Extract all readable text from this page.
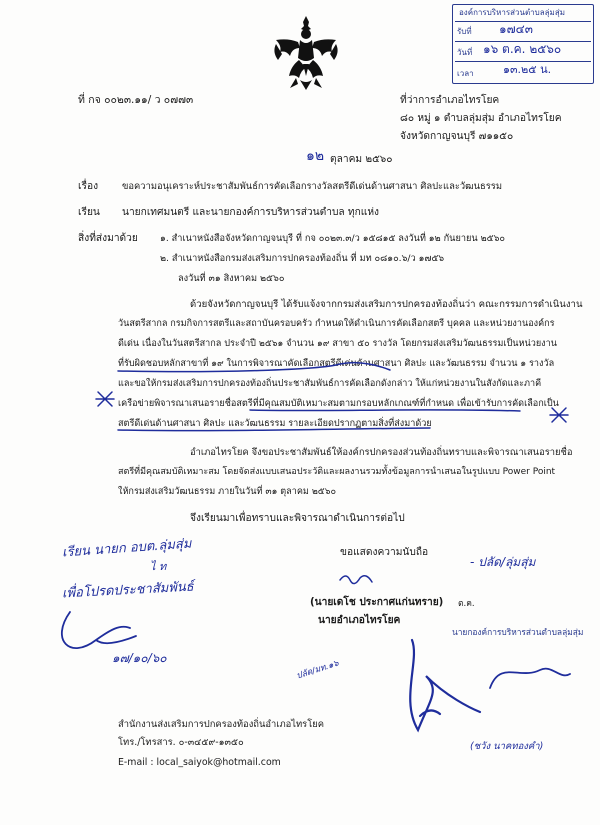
องค์การบริหารส่วนตำบลลุ่มสุ่ม
รับที่ ๑๗๔๓
วันที่ ๑๖ ต.ค. ๒๕๖๐
เวลา	๑๓.๒๕ น.
ที่ กจ ๐๐๒๓.๑๑/ ว ๐๗๗๓	ที่ว่าการอำเภอไทรโยค
๘๐ หมู่ ๑ ตำบลลุ่มสุ่ม อำเภอไทรโยค
จังหวัดกาญจนบุรี ๗๑๑๕๐
๑๒ ตุลาคม ๒๕๖๐
เรื่อง	ขอความอนุเคราะห์ประชาสัมพันธ์การคัดเลือกรางวัลสตรีดีเด่นด้านศาสนา ศิลปะและวัฒนธรรม
เรียน นายกเทศมนตรี และนายกองค์การบริหารส่วนตำบล ทุกแห่ง
สิ่งที่ส่งมาด้วย ๑. สำเนาหนังสือจังหวัดกาญจนบุรี ที่ กจ ๐๐๒๓.๓/ว ๑๕๘๑๕ ลงวันที่ ๑๒ กันยายน ๒๕๖๐
๒. สำเนาหนังสือกรมส่งเสริมการปกครองท้องถิ่น ที่ มท ๐๘๑๐.๖/ว ๑๗๕๖
ลงวันที่ ๓๑ สิงหาคม ๒๕๖๐
ด้วยจังหวัดกาญจนบุรี ได้รับแจ้งจากกรมส่งเสริมการปกครองท้องถิ่นว่า คณะกรรมการดำเนินงาน
วันสตรีสากล กรมกิจการสตรีและสถาบันครอบครัว กำหนดให้ดำเนินการคัดเลือกสตรี บุคคล และหน่วยงานองค์กร
ดีเด่น เนื่องในวันสตรีสากล ประจำปี ๒๕๖๑ จำนวน ๑๙ สาขา ๕๐ รางวัล โดยกรมส่งเสริมวัฒนธรรมเป็นหน่วยงาน
ที่รับผิดชอบหลักสาขาที่ ๑๙ ในการพิจารณาคัดเลือกสตรีดีเด่นด้านศาสนา ศิลปะ และวัฒนธรรม จำนวน ๑ รางวัล
และขอให้กรมส่งเสริมการปกครองท้องถิ่นประชาสัมพันธ์การคัดเลือกดังกล่าว ให้แก่หน่วยงานในสังกัดและภาคี
เครือข่ายพิจารณาเสนอรายชื่อสตรีที่มีคุณสมบัติเหมาะสมตามกรอบหลักเกณฑ์ที่กำหนด เพื่อเข้ารับการคัดเลือกเป็น
สตรีดีเด่นด้านศาสนา ศิลปะ และวัฒนธรรม รายละเอียดปรากฏตามสิ่งที่ส่งมาด้วย
อำเภอไทรโยค จึงขอประชาสัมพันธ์ให้องค์กรปกครองส่วนท้องถิ่นทราบและพิจารณาเสนอรายชื่อ
สตรีที่มีคุณสมบัติเหมาะสม โดยจัดส่งแบบเสนอประวัติและผลงานรวมทั้งข้อมูลการนำเสนอในรูปแบบ Power Point
ให้กรมส่งเสริมวัฒนธรรม ภายในวันที่ ๓๑ ตุลาคม ๒๕๖๐
จึงเรียนมาเพื่อทราบและพิจารณาดำเนินการต่อไป
ขอแสดงความนับถือ
(นายเดโช ประกาศแก่นทราย)
นายอำเภอไทรโยค
เรียน นายก อบต.ลุ่มสุ่ม
ไ ท
เพื่อโปรดประชาสัมพันธ์
๑๗/๑๐/๖๐
- ปลัด/ลุ่มสุ่ม
ต.ค.
นายกองค์การบริหารส่วนตำบลลุ่มสุ่ม
(ชวัง นาคทองคำ)
ปลัด/มท.๑๖
สำนักงานส่งเสริมการปกครองท้องถิ่นอำเภอไทรโยค
โทร./โทรสาร. ๐-๓๔๕๙-๑๓๕๐
E-mail : local_saiyok@hotmail.com
